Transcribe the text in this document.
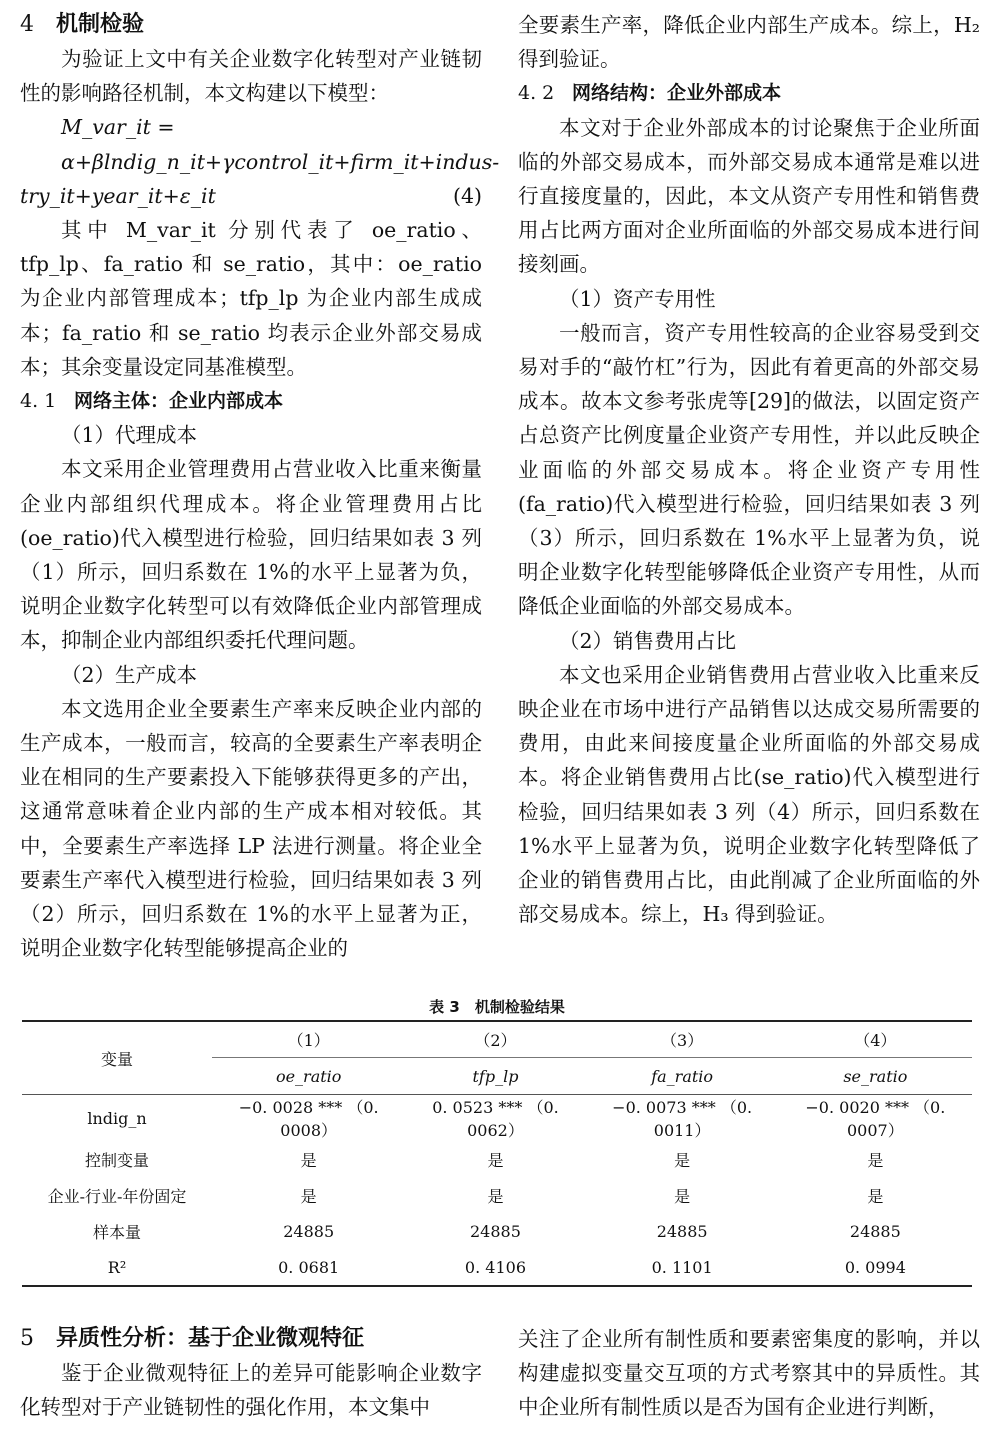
4 机制检验

为验证上文中有关企业数字化转型对产业链韧性的影响路径机制，本文构建以下模型：

M_var_it = α+βlndig_n_it+γcontrol_it+firm_it+indus-

try_it+year_it+ε_it	(4)

其中 M_var_it 分别代表了 oe_ratio、tfp_lp、fa_ratio 和 se_ratio，其中：oe_ratio 为企业内部管理成本；tfp_lp 为企业内部生成成本；fa_ratio 和 se_ratio 均表示企业外部交易成本；其余变量设定同基准模型。

4. 1 网络主体：企业内部成本

（1）代理成本

本文采用企业管理费用占营业收入比重来衡量企业内部组织代理成本。将企业管理费用占比(oe_ratio)代入模型进行检验，回归结果如表 3 列（1）所示，回归系数在 1%的水平上显著为负，说明企业数字化转型可以有效降低企业内部管理成本，抑制企业内部组织委托代理问题。

（2）生产成本

本文选用企业全要素生产率来反映企业内部的生产成本，一般而言，较高的全要素生产率表明企业在相同的生产要素投入下能够获得更多的产出，这通常意味着企业内部的生产成本相对较低。其中，全要素生产率选择 LP 法进行测量。将企业全要素生产率代入模型进行检验，回归结果如表 3 列（2）所示，回归系数在 1%的水平上显著为正，说明企业数字化转型能够提高企业的

全要素生产率，降低企业内部生产成本。综上，H₂ 得到验证。

4. 2 网络结构：企业外部成本

本文对于企业外部成本的讨论聚焦于企业所面临的外部交易成本，而外部交易成本通常是难以进行直接度量的，因此，本文从资产专用性和销售费用占比两方面对企业所面临的外部交易成本进行间接刻画。

（1）资产专用性

一般而言，资产专用性较高的企业容易受到交易对手的“敲竹杠”行为，因此有着更高的外部交易成本。故本文参考张虎等[29]的做法，以固定资产占总资产比例度量企业资产专用性，并以此反映企业面临的外部交易成本。将企业资产专用性(fa_ratio)代入模型进行检验，回归结果如表 3 列（3）所示，回归系数在 1%水平上显著为负，说明企业数字化转型能够降低企业资产专用性，从而降低企业面临的外部交易成本。

（2）销售费用占比

本文也采用企业销售费用占营业收入比重来反映企业在市场中进行产品销售以达成交易所需要的费用，由此来间接度量企业所面临的外部交易成本。将企业销售费用占比(se_ratio)代入模型进行检验，回归结果如表 3 列（4）所示，回归系数在 1%水平上显著为负，说明企业数字化转型降低了企业的销售费用占比，由此削减了企业所面临的外部交易成本。综上，H₃ 得到验证。

表 3　机制检验结果
变量	（1）	（2）	（3）	（4）
	oe_ratio	tfp_lp	fa_ratio	se_ratio
lndig_n	−0. 0028 *** （0. 0008）	0. 0523 *** （0. 0062）	−0. 0073 *** （0. 0011）	−0. 0020 *** （0. 0007）
控制变量	是	是	是	是
企业-行业-年份固定	是	是	是	是
样本量	24885	24885	24885	24885
R²	0. 0681	0. 4106	0. 1101	0. 0994

5 异质性分析：基于企业微观特征

鉴于企业微观特征上的差异可能影响企业数字化转型对于产业链韧性的强化作用，本文集中

关注了企业所有制性质和要素密集度的影响，并以构建虚拟变量交互项的方式考察其中的异质性。其中企业所有制性质以是否为国有企业进行判断，
